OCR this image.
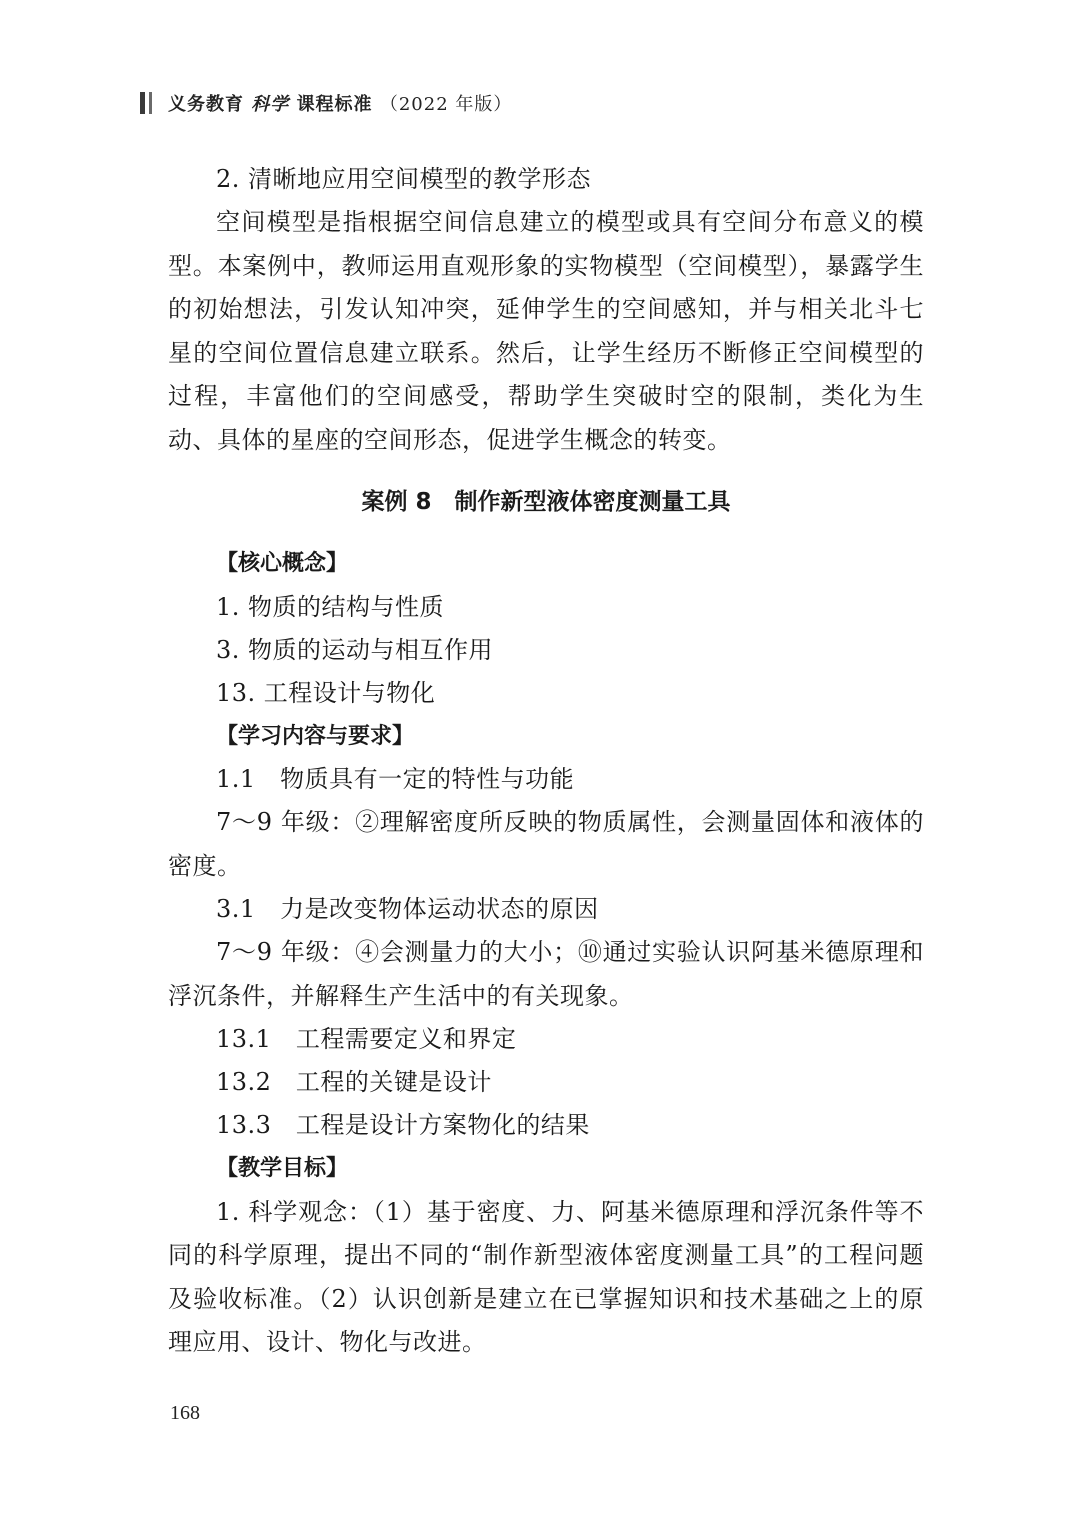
义务教育 科学 课程标准 （2022 年版）
2. 清晰地应用空间模型的教学形态
空间模型是指根据空间信息建立的模型或具有空间分布意义的模型。本案例中，教师运用直观形象的实物模型（空间模型），暴露学生的初始想法，引发认知冲突，延伸学生的空间感知，并与相关北斗七星的空间位置信息建立联系。然后，让学生经历不断修正空间模型的过程，丰富他们的空间感受，帮助学生突破时空的限制，类化为生动、具体的星座的空间形态，促进学生概念的转变。
案例 8　制作新型液体密度测量工具
【核心概念】
1. 物质的结构与性质
3. 物质的运动与相互作用
13. 工程设计与物化
【学习内容与要求】
1.1　物质具有一定的特性与功能
7～9 年级：②理解密度所反映的物质属性，会测量固体和液体的密度。
3.1　力是改变物体运动状态的原因
7～9 年级：④会测量力的大小；⑩通过实验认识阿基米德原理和浮沉条件，并解释生产生活中的有关现象。
13.1　工程需要定义和界定
13.2　工程的关键是设计
13.3　工程是设计方案物化的结果
【教学目标】
1. 科学观念：（1）基于密度、力、阿基米德原理和浮沉条件等不同的科学原理，提出不同的“制作新型液体密度测量工具”的工程问题及验收标准。（2）认识创新是建立在已掌握知识和技术基础之上的原理应用、设计、物化与改进。
168
